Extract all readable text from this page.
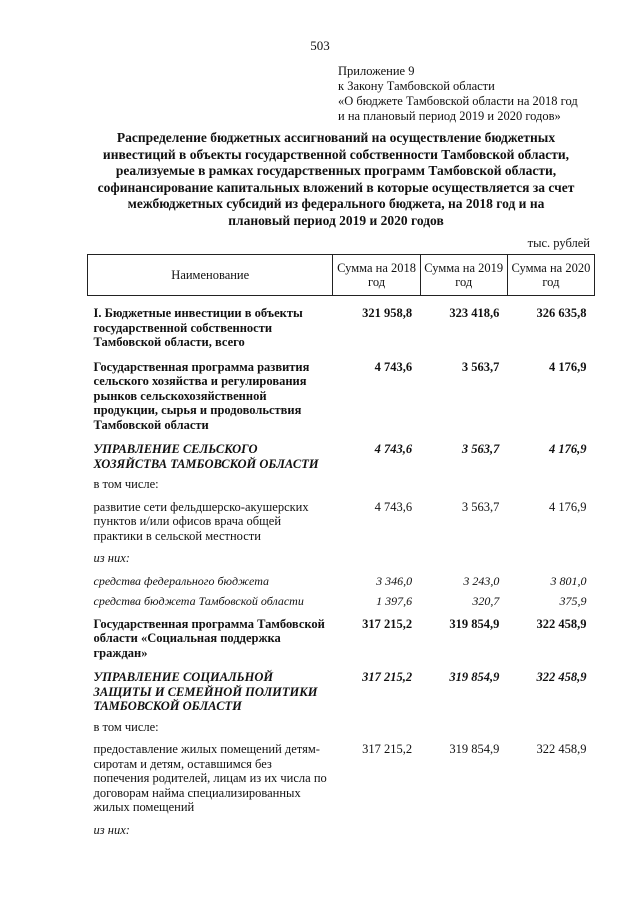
503
Приложение 9
к Закону Тамбовской области
«О бюджете Тамбовской области на 2018 год
и на плановый период 2019 и 2020 годов»
Распределение бюджетных ассигнований на осуществление бюджетных
инвестиций в объекты государственной собственности Тамбовской области,
реализуемые в рамках государственных программ Тамбовской области,
софинансирование капитальных вложений в которые осуществляется за счет
межбюджетных субсидий из федерального бюджета, на 2018 год и на
плановый период 2019 и 2020 годов
тыс. рублей
Наименование	Сумма на 2018 год	Сумма на 2019 год	Сумма на 2020 год
I. Бюджетные инвестиции в объекты государственной собственности Тамбовской области, всего	321 958,8	323 418,6	326 635,8
Государственная программа развития сельского хозяйства и регулирования рынков сельскохозяйственной продукции, сырья и продовольствия Тамбовской области	4 743,6	3 563,7	4 176,9
УПРАВЛЕНИЕ СЕЛЬСКОГО ХОЗЯЙСТВА ТАМБОВСКОЙ ОБЛАСТИ	4 743,6	3 563,7	4 176,9
в том числе:			
развитие сети фельдшерско-акушерских пунктов и/или офисов врача общей практики в сельской местности	4 743,6	3 563,7	4 176,9
из них:			
средства федерального бюджета	3 346,0	3 243,0	3 801,0
средства бюджета Тамбовской области	1 397,6	320,7	375,9
Государственная программа Тамбовской области «Социальная поддержка граждан»	317 215,2	319 854,9	322 458,9
УПРАВЛЕНИЕ СОЦИАЛЬНОЙ ЗАЩИТЫ И СЕМЕЙНОЙ ПОЛИТИКИ ТАМБОВСКОЙ ОБЛАСТИ	317 215,2	319 854,9	322 458,9
в том числе:			
предоставление жилых помещений детям-сиротам и детям, оставшимся без попечения родителей, лицам из их числа по договорам найма специализированных жилых помещений	317 215,2	319 854,9	322 458,9
из них:			
